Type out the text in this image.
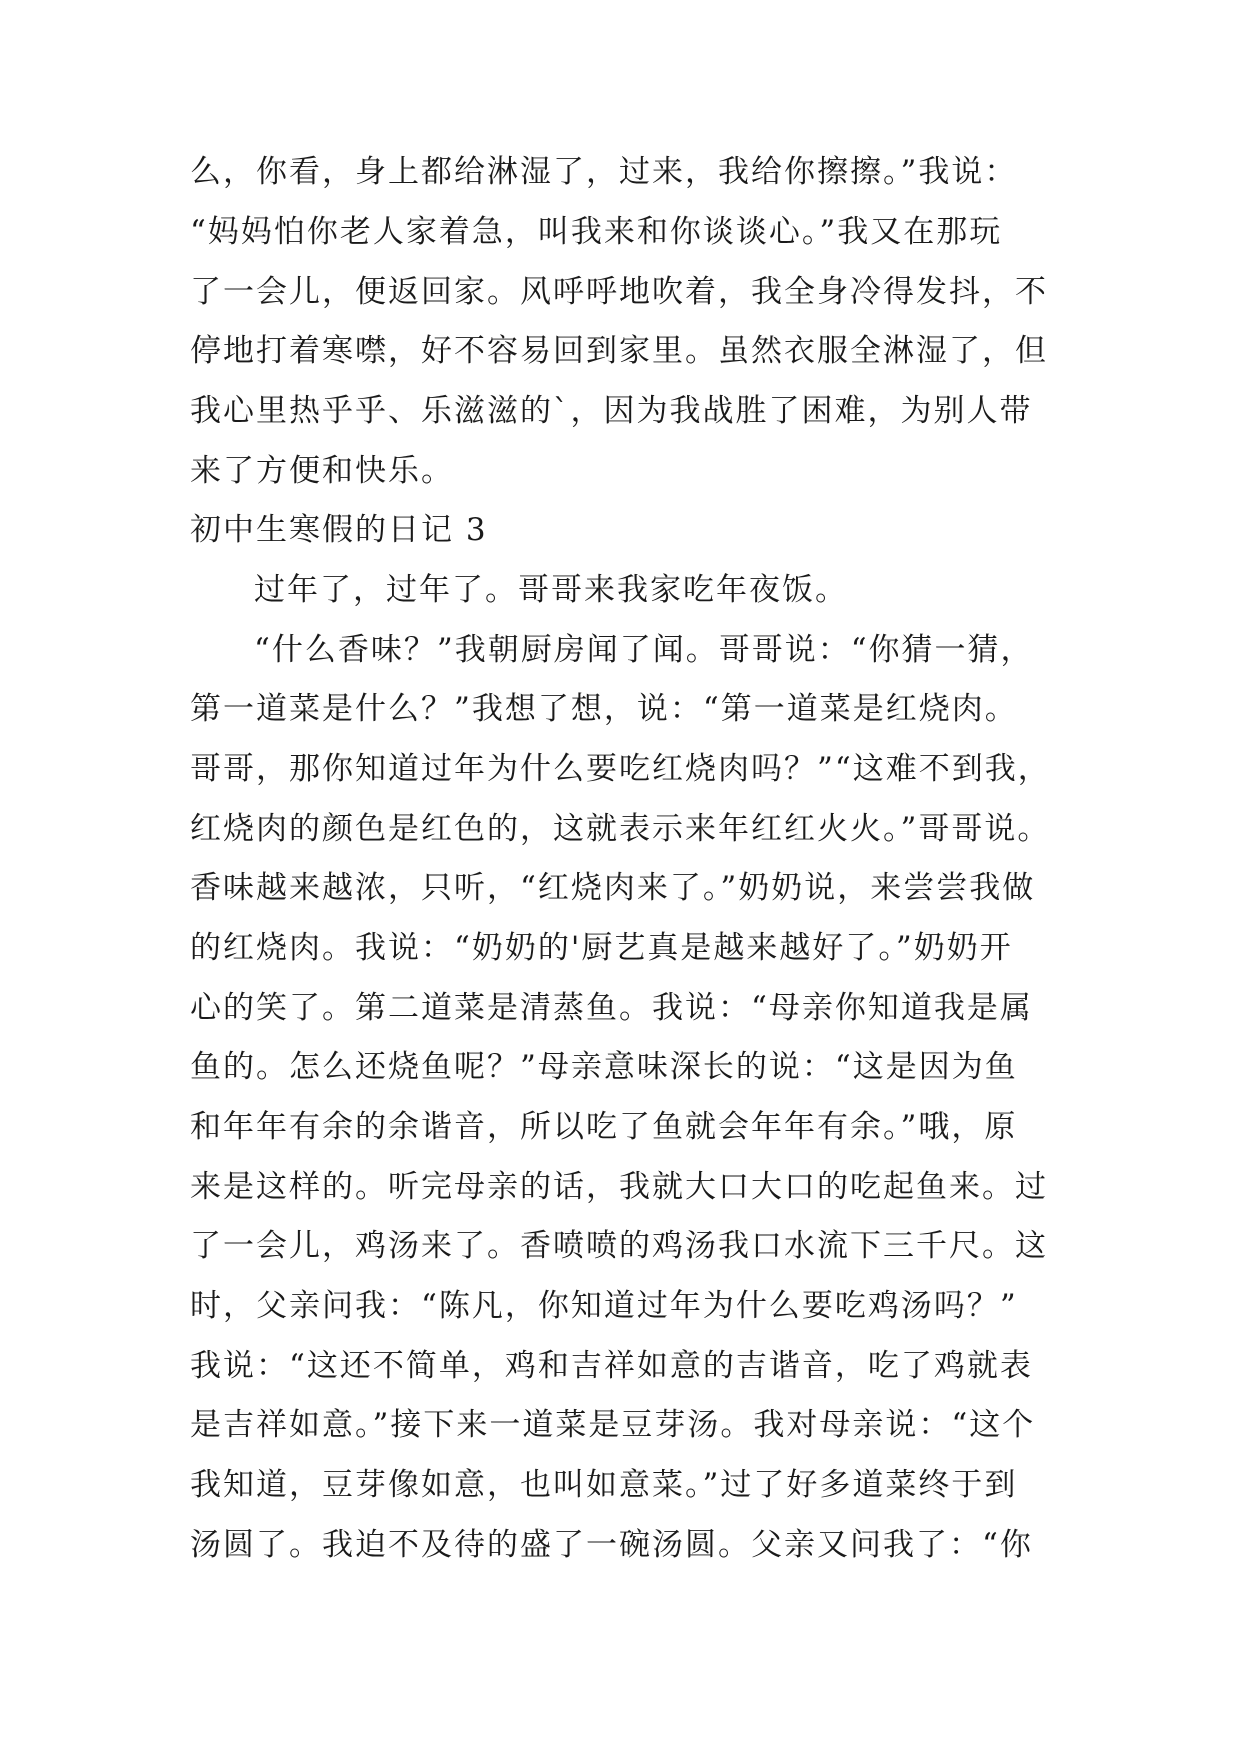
么，你看，身上都给淋湿了，过来，我给你擦擦。”我说：
“妈妈怕你老人家着急，叫我来和你谈谈心。”我又在那玩
了一会儿，便返回家。风呼呼地吹着，我全身冷得发抖，不
停地打着寒噤，好不容易回到家里。虽然衣服全淋湿了，但
我心里热乎乎、乐滋滋的`，因为我战胜了困难，为别人带
来了方便和快乐。
初中生寒假的日记 3
过年了，过年了。哥哥来我家吃年夜饭。
“什么香味？”我朝厨房闻了闻。哥哥说：“你猜一猜，
第一道菜是什么？”我想了想，说：“第一道菜是红烧肉。
哥哥，那你知道过年为什么要吃红烧肉吗？”“这难不到我，
红烧肉的颜色是红色的，这就表示来年红红火火。”哥哥说。
香味越来越浓，只听，“红烧肉来了。”奶奶说，来尝尝我做
的红烧肉。我说：“奶奶的'厨艺真是越来越好了。”奶奶开
心的笑了。第二道菜是清蒸鱼。我说：“母亲你知道我是属
鱼的。怎么还烧鱼呢？”母亲意味深长的说：“这是因为鱼
和年年有余的余谐音，所以吃了鱼就会年年有余。”哦，原
来是这样的。听完母亲的话，我就大口大口的吃起鱼来。过
了一会儿，鸡汤来了。香喷喷的鸡汤我口水流下三千尺。这
时，父亲问我：“陈凡，你知道过年为什么要吃鸡汤吗？”
我说：“这还不简单，鸡和吉祥如意的吉谐音，吃了鸡就表
是吉祥如意。”接下来一道菜是豆芽汤。我对母亲说：“这个
我知道，豆芽像如意，也叫如意菜。”过了好多道菜终于到
汤圆了。我迫不及待的盛了一碗汤圆。父亲又问我了：“你
